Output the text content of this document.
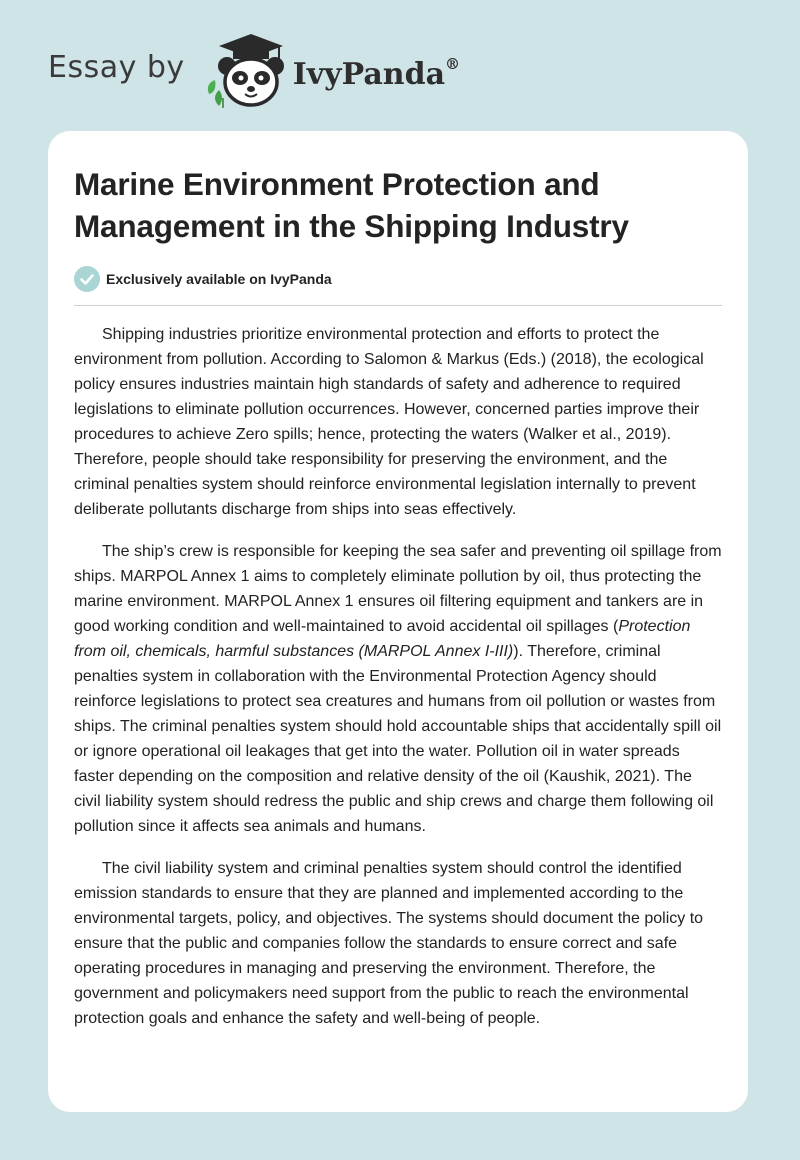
Essay by	IvyPanda®
Marine Environment Protection and Management in the Shipping Industry
Exclusively available on IvyPanda

Shipping industries prioritize environmental protection and efforts to protect the environment from pollution. According to Salomon & Markus (Eds.) (2018), the ecological policy ensures industries maintain high standards of safety and adherence to required legislations to eliminate pollution occurrences. However, concerned parties improve their procedures to achieve Zero spills; hence, protecting the waters (Walker et al., 2019). Therefore, people should take responsibility for preserving the environment, and the criminal penalties system should reinforce environmental legislation internally to prevent deliberate pollutants discharge from ships into seas effectively.

The ship’s crew is responsible for keeping the sea safer and preventing oil spillage from ships. MARPOL Annex 1 aims to completely eliminate pollution by oil, thus protecting the marine environment. MARPOL Annex 1 ensures oil filtering equipment and tankers are in good working condition and well-maintained to avoid accidental oil spillages (Protection from oil, chemicals, harmful substances (MARPOL Annex I-III)). Therefore, criminal penalties system in collaboration with the Environmental Protection Agency should reinforce legislations to protect sea creatures and humans from oil pollution or wastes from ships. The criminal penalties system should hold accountable ships that accidentally spill oil or ignore operational oil leakages that get into the water. Pollution oil in water spreads faster depending on the composition and relative density of the oil (Kaushik, 2021). The civil liability system should redress the public and ship crews and charge them following oil pollution since it affects sea animals and humans.

The civil liability system and criminal penalties system should control the identified emission standards to ensure that they are planned and implemented according to the environmental targets, policy, and objectives. The systems should document the policy to ensure that the public and companies follow the standards to ensure correct and safe operating procedures in managing and preserving the environment. Therefore, the government and policymakers need support from the public to reach the environmental protection goals and enhance the safety and well-being of people.
